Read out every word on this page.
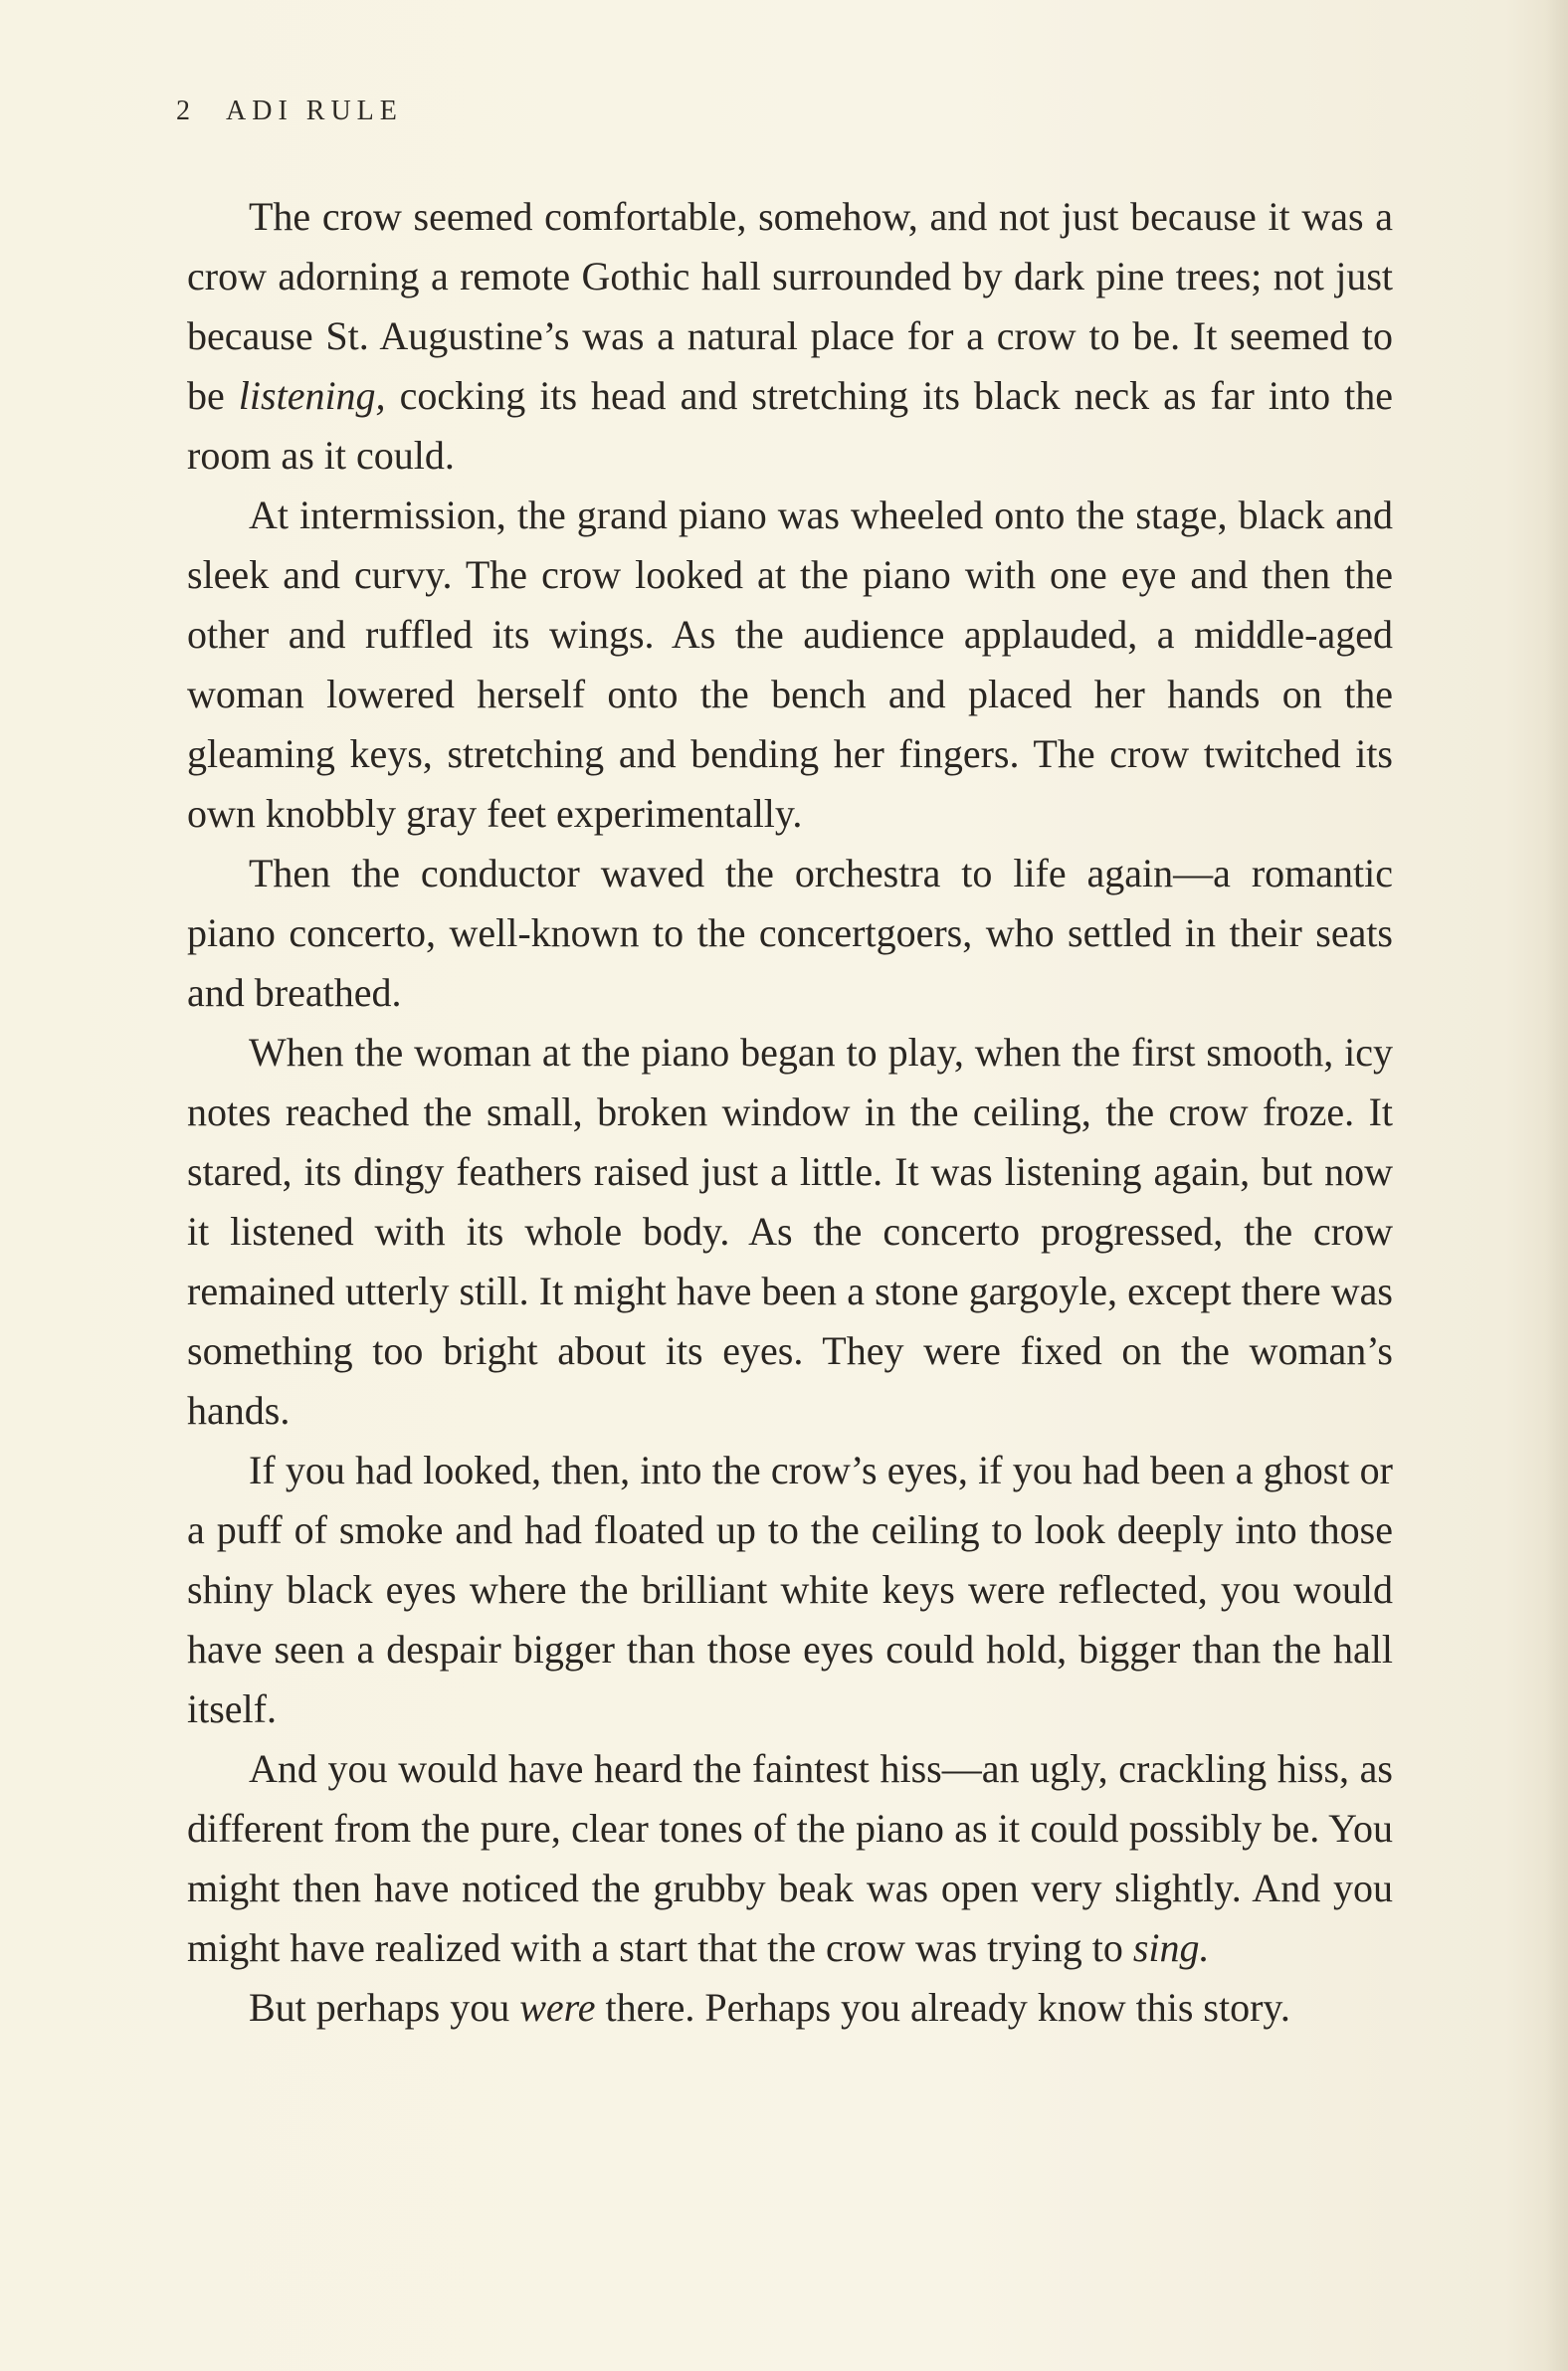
2 ADI RULE

The crow seemed comfortable, somehow, and not just because it was a crow adorning a remote Gothic hall surrounded by dark pine trees; not just because St. Augustine’s was a natural place for a crow to be. It seemed to be listening, cocking its head and stretching its black neck as far into the room as it could.

At intermission, the grand piano was wheeled onto the stage, black and sleek and curvy. The crow looked at the piano with one eye and then the other and ruffled its wings. As the audience applauded, a middle-aged woman lowered herself onto the bench and placed her hands on the gleaming keys, stretching and bending her fingers. The crow twitched its own knobbly gray feet experimentally.

Then the conductor waved the orchestra to life again—a romantic piano concerto, well-known to the concertgoers, who settled in their seats and breathed.

When the woman at the piano began to play, when the first smooth, icy notes reached the small, broken window in the ceiling, the crow froze. It stared, its dingy feathers raised just a little. It was listening again, but now it listened with its whole body. As the concerto progressed, the crow remained utterly still. It might have been a stone gargoyle, except there was something too bright about its eyes. They were fixed on the woman’s hands.

If you had looked, then, into the crow’s eyes, if you had been a ghost or a puff of smoke and had floated up to the ceiling to look deeply into those shiny black eyes where the brilliant white keys were reflected, you would have seen a despair bigger than those eyes could hold, bigger than the hall itself.

And you would have heard the faintest hiss—an ugly, crackling hiss, as different from the pure, clear tones of the piano as it could possibly be. You might then have noticed the grubby beak was open very slightly. And you might have realized with a start that the crow was trying to sing.

But perhaps you were there. Perhaps you already know this story.
